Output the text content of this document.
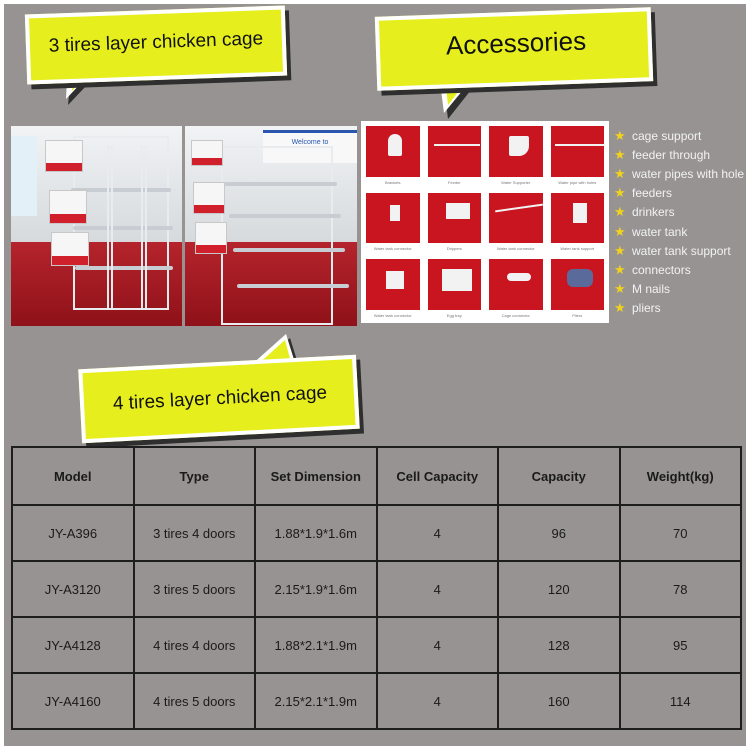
3 tires layer chicken cage	Accessories
4 tires layer chicken cage
Welcome to
Brackets	Feeder	Water Supporter	Water pipe with holes
Water tank connector	Drippers	Water tank connector	Water tank support
Water tank connector	Egg tray	Cage connector	Pliers
★ cage support
★ feeder through
★ water pipes with hole
★ feeders
★ drinkers
★ water tank
★ water tank support
★ connectors
★ M nails
★ pliers
Model	Type	Set Dimension	Cell Capacity	Capacity	Weight(kg)
JY-A396	3 tires 4 doors	1.88*1.9*1.6m	4	96	70
JY-A3120	3 tires 5 doors	2.15*1.9*1.6m	4	120	78
JY-A4128	4 tires 4 doors	1.88*2.1*1.9m	4	128	95
JY-A4160	4 tires 5 doors	2.15*2.1*1.9m	4	160	114
